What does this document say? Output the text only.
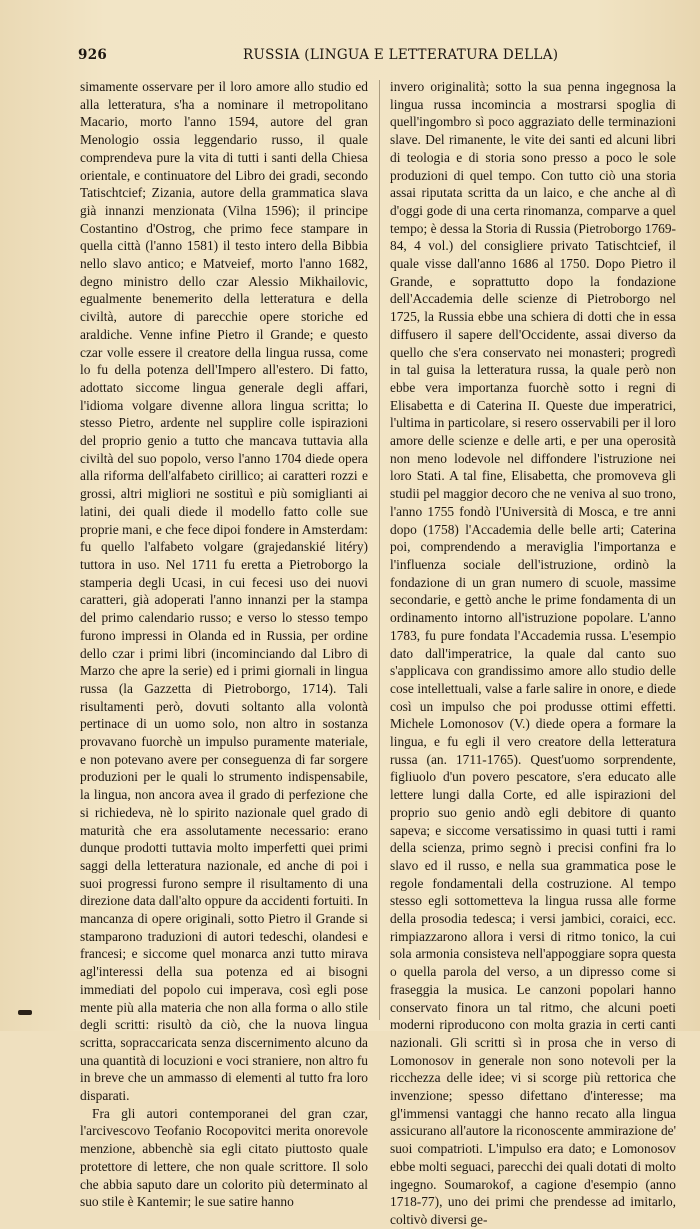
926	RUSSIA (LINGUA E LETTERATURA DELLA)

simamente osservare per il loro amore allo studio ed alla letteratura, s'ha a nominare il metropolitano Macario, morto l'anno 1594, autore del gran Menologio ossia leggendario russo, il quale comprendeva pure la vita di tutti i santi della Chiesa orientale, e continuatore del Libro dei gradi, secondo Tatischtcief; Zizania, autore della grammatica slava già innanzi menzionata (Vilna 1596); il principe Costantino d'Ostrog, che primo fece stampare in quella città (l'anno 1581) il testo intero della Bibbia nello slavo antico; e Matveief, morto l'anno 1682, degno ministro dello czar Alessio Mikhailovic, egualmente benemerito della letteratura e della civiltà, autore di parecchie opere storiche ed araldiche. Venne infine Pietro il Grande; e questo czar volle essere il creatore della lingua russa, come lo fu della potenza dell'Impero all'estero. Di fatto, adottato siccome lingua generale degli affari, l'idioma volgare divenne allora lingua scritta; lo stesso Pietro, ardente nel supplire colle ispirazioni del proprio genio a tutto che mancava tuttavia alla civiltà del suo popolo, verso l'anno 1704 diede opera alla riforma dell'alfabeto cirillico; ai caratteri rozzi e grossi, altri migliori ne sostituì e più somiglianti ai latini, dei quali diede il modello fatto colle sue proprie mani, e che fece dipoi fondere in Amsterdam: fu quello l'alfabeto volgare (grajedanskié litéry) tuttora in uso. Nel 1711 fu eretta a Pietroborgo la stamperia degli Ucasi, in cui fecesi uso dei nuovi caratteri, già adoperati l'anno innanzi per la stampa del primo calendario russo; e verso lo stesso tempo furono impressi in Olanda ed in Russia, per ordine dello czar i primi libri (incominciando dal Libro di Marzo che apre la serie) ed i primi giornali in lingua russa (la Gazzetta di Pietroborgo, 1714). Tali risultamenti però, dovuti soltanto alla volontà pertinace di un uomo solo, non altro in sostanza provavano fuorchè un impulso puramente materiale, e non potevano avere per conseguenza di far sorgere produzioni per le quali lo strumento indispensabile, la lingua, non ancora avea il grado di perfezione che si richiedeva, nè lo spirito nazionale quel grado di maturità che era assolutamente necessario: erano dunque prodotti tuttavia molto imperfetti quei primi saggi della letteratura nazionale, ed anche di poi i suoi progressi furono sempre il risultamento di una direzione data dall'alto oppure da accidenti fortuiti. In mancanza di opere originali, sotto Pietro il Grande si stamparono traduzioni di autori tedeschi, olandesi e francesi; e siccome quel monarca anzi tutto mirava agl'interessi della sua potenza ed ai bisogni immediati del popolo cui imperava, così egli pose mente più alla materia che non alla forma o allo stile degli scritti: risultò da ciò, che la nuova lingua scritta, sopraccaricata senza discernimento alcuno da una quantità di locuzioni e voci straniere, non altro fu in breve che un ammasso di elementi al tutto fra loro disparati.

Fra gli autori contemporanei del gran czar, l'arcivescovo Teofanio Rocopovitci merita onorevole menzione, abbenchè sia egli citato piuttosto quale protettore di lettere, che non quale scrittore. Il solo che abbia saputo dare un colorito più determinato al suo stile è Kantemir; le sue satire hanno

invero originalità; sotto la sua penna ingegnosa la lingua russa incomincia a mostrarsi spoglia di quell'ingombro sì poco aggraziato delle terminazioni slave. Del rimanente, le vite dei santi ed alcuni libri di teologia e di storia sono presso a poco le sole produzioni di quel tempo. Con tutto ciò una storia assai riputata scritta da un laico, e che anche al dì d'oggi gode di una certa rinomanza, comparve a quel tempo; è dessa la Storia di Russia (Pietroborgo 1769-84, 4 vol.) del consigliere privato Tatischtcief, il quale visse dall'anno 1686 al 1750. Dopo Pietro il Grande, e soprattutto dopo la fondazione dell'Accademia delle scienze di Pietroborgo nel 1725, la Russia ebbe una schiera di dotti che in essa diffusero il sapere dell'Occidente, assai diverso da quello che s'era conservato nei monasteri; progredì in tal guisa la letteratura russa, la quale però non ebbe vera importanza fuorchè sotto i regni di Elisabetta e di Caterina II. Queste due imperatrici, l'ultima in particolare, si resero osservabili per il loro amore delle scienze e delle arti, e per una operosità non meno lodevole nel diffondere l'istruzione nei loro Stati. A tal fine, Elisabetta, che promoveva gli studii pel maggior decoro che ne veniva al suo trono, l'anno 1755 fondò l'Università di Mosca, e tre anni dopo (1758) l'Accademia delle belle arti; Caterina poi, comprendendo a meraviglia l'importanza e l'influenza sociale dell'istruzione, ordinò la fondazione di un gran numero di scuole, massime secondarie, e gettò anche le prime fondamenta di un ordinamento intorno all'istruzione popolare. L'anno 1783, fu pure fondata l'Accademia russa. L'esempio dato dall'imperatrice, la quale dal canto suo s'applicava con grandissimo amore allo studio delle cose intellettuali, valse a farle salire in onore, e diede così un impulso che poi produsse ottimi effetti. Michele Lomonosov (V.) diede opera a formare la lingua, e fu egli il vero creatore della letteratura russa (an. 1711-1765). Quest'uomo sorprendente, figliuolo d'un povero pescatore, s'era educato alle lettere lungi dalla Corte, ed alle ispirazioni del proprio suo genio andò egli debitore di quanto sapeva; e siccome versatissimo in quasi tutti i rami della scienza, primo segnò i precisi confini fra lo slavo ed il russo, e nella sua grammatica pose le regole fondamentali della costruzione. Al tempo stesso egli sottometteva la lingua russa alle forme della prosodia tedesca; i versi jambici, coraici, ecc. rimpiazzarono allora i versi di ritmo tonico, la cui sola armonia consisteva nell'appoggiare sopra questa o quella parola del verso, a un dipresso come si fraseggia la musica. Le canzoni popolari hanno conservato finora un tal ritmo, che alcuni poeti moderni riproducono con molta grazia in certi canti nazionali. Gli scritti sì in prosa che in verso di Lomonosov in generale non sono notevoli per la ricchezza delle idee; vi si scorge più rettorica che invenzione; spesso difettano d'interesse; ma gl'immensi vantaggi che hanno recato alla lingua assicurano all'autore la riconoscente ammirazione de' suoi compatrioti. L'impulso era dato; e Lomonosov ebbe molti seguaci, parecchi dei quali dotati di molto ingegno. Soumarokof, a cagione d'esempio (anno 1718-77), uno dei primi che prendesse ad imitarlo, coltivò diversi ge-
